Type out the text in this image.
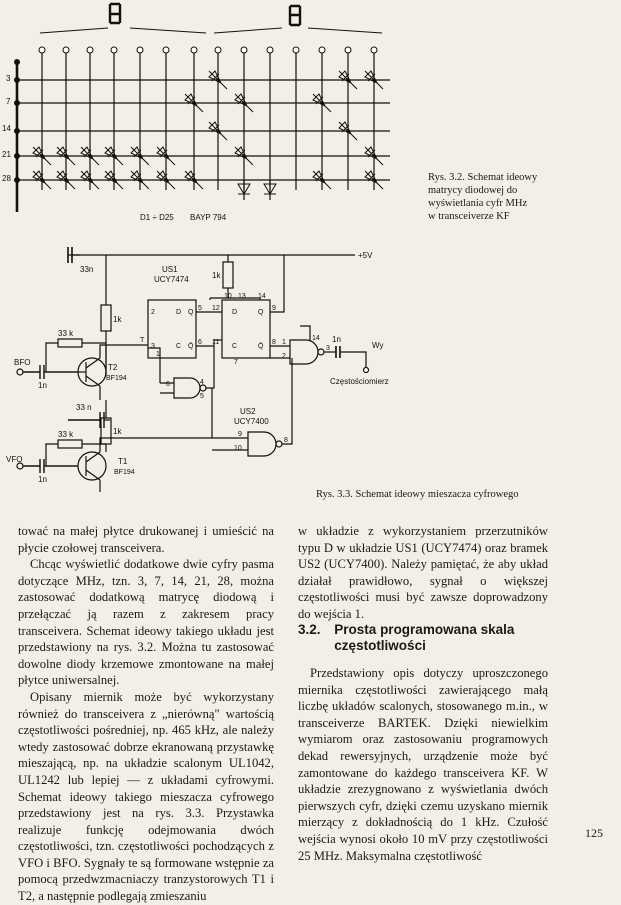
3
7
14
21
28
D1 ÷ D25 BAYP 794
2	D Q
3	C Q̄
5
6
10 13 14
12
D	Q
11
C	Q̄
9
8
7
6	4
5
1
2
14
3
9
10
8
T
1
+5V
33n
1k
1k
1k
33 k
33 k
33 n
1n
1n
1n
BFO
VFO
T2
BF194
T1
BF194
US1
UCY7474
US2
UCY7400
Wy
Częstościomierz
Rys. 3.2. Schemat ideowy
matrycy diodowej do
wyświetlania cyfr MHz
w transceiverze KF
Rys. 3.3. Schemat ideowy mieszacza cyfrowego

tować na małej płytce drukowanej i umieścić na płycie czołowej transceivera.

Chcąc wyświetlić dodatkowe dwie cyfry pasma dotyczące MHz, tzn. 3, 7, 14, 21, 28, można zastosować dodatkową matrycę diodową i przełączać ją razem z zakresem pracy transceivera. Schemat ideowy takiego układu jest przedstawiony na rys. 3.2. Można tu zastosować dowolne diody krzemowe zmontowane na małej płytce uniwersalnej.

Opisany miernik może być wykorzystany również do transceivera z „nierówną" wartością częstotliwości pośredniej, np. 465 kHz, ale należy wtedy zastosować dobrze ekranowaną przystawkę mieszającą, np. na układzie scalonym UL1042, UL1242 lub lepiej — z układami cyfrowymi. Schemat ideowy takiego mieszacza cyfrowego przedstawiony jest na rys. 3.3. Przystawka realizuje funkcję odejmowania dwóch częstotliwości, tzn. częstotliwości pochodzących z VFO i BFO. Sygnały te są formowane wstępnie za pomocą przedwzmacniaczy tranzystorowych T1 i T2, a następnie podlegają zmieszaniu

w układzie z wykorzystaniem przerzutników typu D w układzie US1 (UCY7474) oraz bramek US2 (UCY7400). Należy pamiętać, że aby układ działał prawidłowo, sygnał o większej częstotliwości musi być zawsze doprowadzony do wejścia 1.

3.2. Prosta programowana skala częstotliwości

Przedstawiony opis dotyczy uproszczonego miernika częstotliwości zawierającego małą liczbę układów scalonych, stosowanego m.in., w transceiverze BARTEK. Dzięki niewielkim wymiarom oraz zastosowaniu programowych dekad rewersyjnych, urządzenie może być zamontowane do każdego transceivera KF. W układzie zrezygnowano z wyświetlania dwóch pierwszych cyfr, dzięki czemu uzyskano miernik mierzący z dokładnością do 1 kHz. Czułość wejścia wynosi około 10 mV przy częstotliwości 25 MHz. Maksymalna częstotliwość

125
